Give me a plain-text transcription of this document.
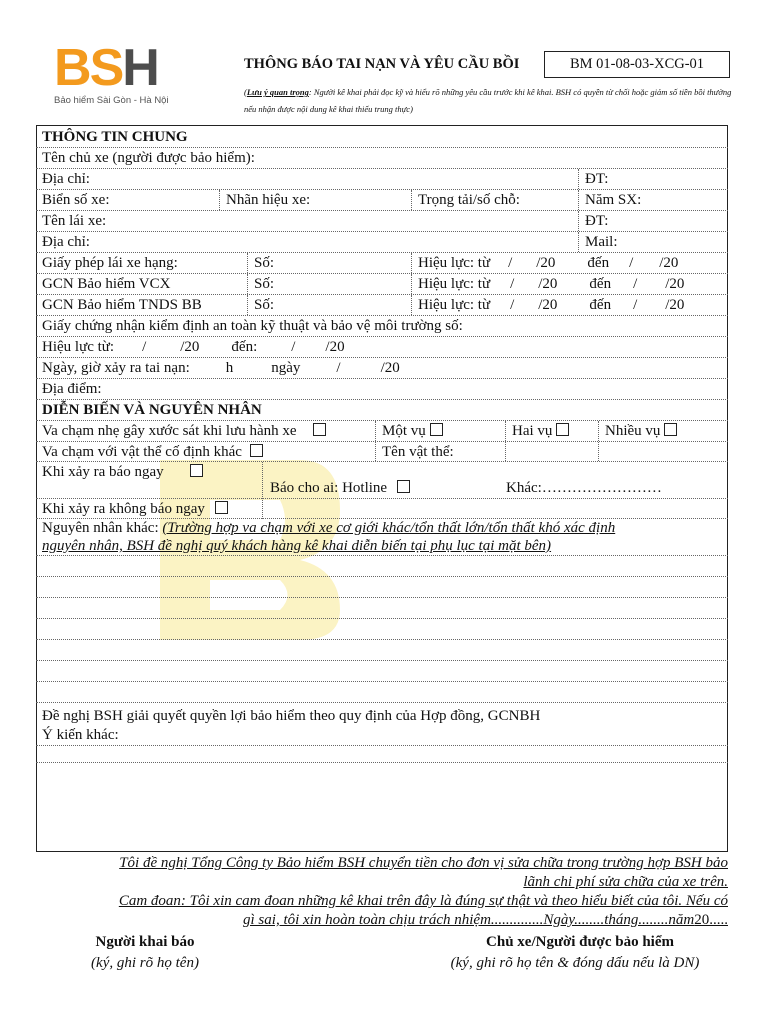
BSH
Bảo hiểm Sài Gòn - Hà Nội
THÔNG BÁO TAI NẠN VÀ YÊU CẦU BỒI	BM 01-08-03-XCG-01
(Lưu ý quan trọng: Người kê khai phải đọc kỹ và hiểu rõ những yêu cầu trước khi kê khai. BSH có quyền từ chối hoặc giảm số tiền bồi thường nếu nhận được nội dung kê khai thiếu trung thực)
THÔNG TIN CHUNG
Tên chủ xe (người được bảo hiểm):
Địa chỉ:	ĐT:
Biển số xe:	Nhãn hiệu xe:	Trọng tải/số chỗ:	Năm SX:
Tên lái xe:	ĐT:
Địa chỉ:	Mail:
Giấy phép lái xe hạng:	Số:	Hiệu lực: từ / /20 đến / /20
GCN Bảo hiểm VCX	Số:	Hiệu lực: từ / /20 đến / /20
GCN Bảo hiểm TNDS BB	Số:	Hiệu lực: từ / /20 đến / /20
Giấy chứng nhận kiểm định an toàn kỹ thuật và bảo vệ môi trường số:
Hiệu lực từ: / /20 đến: / /20
Ngày, giờ xảy ra tai nạn: h	ngày /	/20
Địa điểm:
DIỄN BIẾN VÀ NGUYÊN NHÂN
Va chạm nhẹ gây xước sát khi lưu hành xe	Một vụ	Hai vụ	Nhiều vụ
Va chạm với vật thể cố định khác	Tên vật thể:
Khi xảy ra báo ngay
Báo cho ai: Hotline	Khác:……………………
Khi xảy ra không báo ngay
Nguyên nhân khác: (Trường hợp va chạm với xe cơ giới khác/tổn thất lớn/tổn thất khó xác định
nguyên nhân, BSH đề nghị quý khách hàng kê khai diễn biến tại phụ lục tại mặt bên)
Đề nghị BSH giải quyết quyền lợi bảo hiểm theo quy định của Hợp đồng, GCNBH
Ý kiến khác:
Tôi đề nghị Tổng Công ty Bảo hiểm BSH chuyển tiền cho đơn vị sửa chữa trong trường hợp BSH bảo
lãnh chi phí sửa chữa của xe trên.
Cam đoan: Tôi xin cam đoan những kê khai trên đây là đúng sự thật và theo hiểu biết của tôi. Nếu có
gì sai, tôi xin hoàn toàn chịu trách nhiệm..............Ngày........tháng........năm20.....
Người khai báo
(ký, ghi rõ họ tên)
Chủ xe/Người được bảo hiểm
(ký, ghi rõ họ tên & đóng dấu nếu là DN)
